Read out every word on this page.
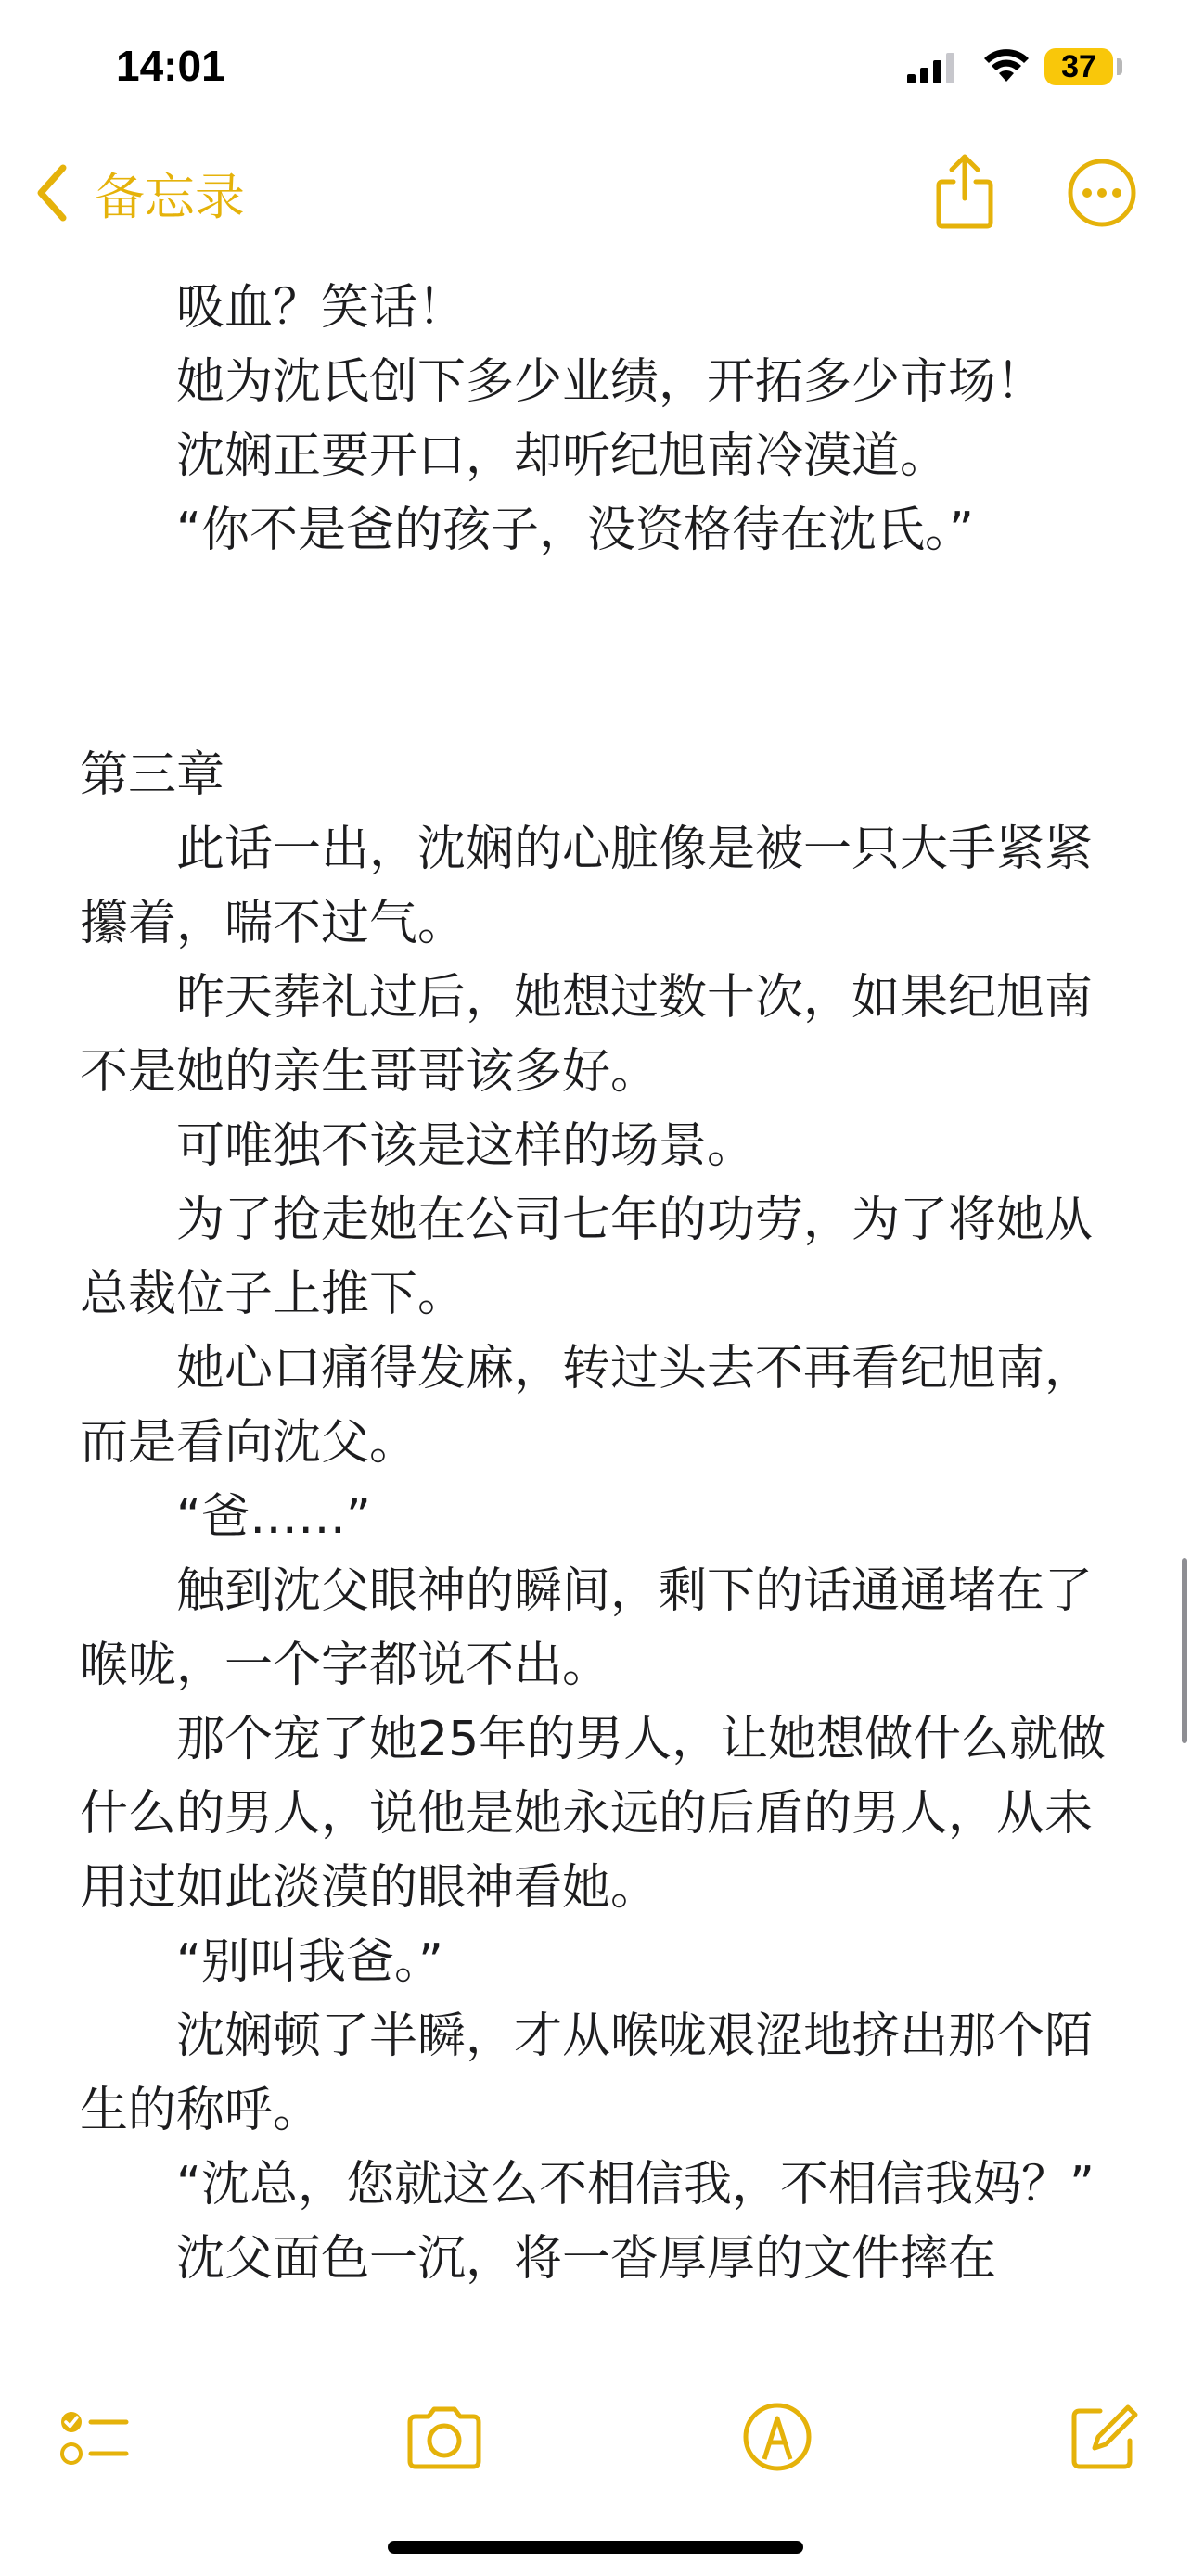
14:01	37
备忘录

吸血？笑话！

她为沈氏创下多少业绩，开拓多少市场！

沈娴正要开口，却听纪旭南冷漠道。

“你不是爸的孩子，没资格待在沈氏。”

第三章

此话一出，沈娴的心脏像是被一只大手紧紧攥着，喘不过气。

昨天葬礼过后，她想过数十次，如果纪旭南不是她的亲生哥哥该多好。

可唯独不该是这样的场景。

为了抢走她在公司七年的功劳，为了将她从总裁位子上推下。

她心口痛得发麻，转过头去不再看纪旭南，而是看向沈父。

“爸……”

触到沈父眼神的瞬间，剩下的话通通堵在了喉咙，一个字都说不出。

那个宠了她25年的男人，让她想做什么就做什么的男人，说他是她永远的后盾的男人，从未用过如此淡漠的眼神看她。

“别叫我爸。”

沈娴顿了半瞬，才从喉咙艰涩地挤出那个陌生的称呼。

“沈总，您就这么不相信我，不相信我妈？”

沈父面色一沉，将一沓厚厚的文件摔在
